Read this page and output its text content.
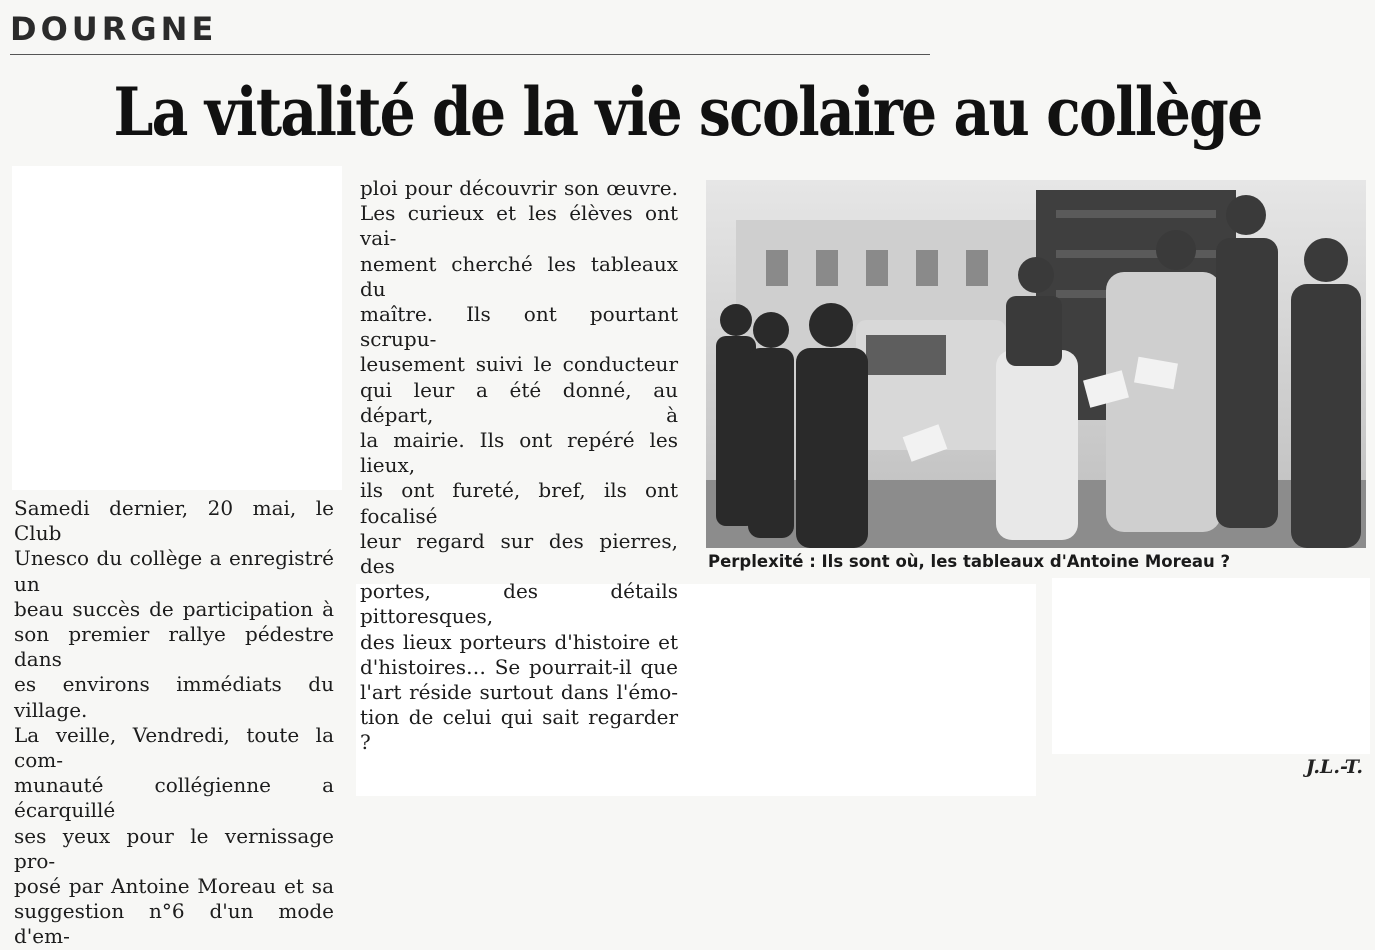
DOURGNE
La vitalité de la vie scolaire au collège

Samedi dernier, 20 mai, le Club

Unesco du collège a enregistré un

beau succès de participation à

son premier rallye pédestre dans

es environs immédiats du village.

La veille, Vendredi, toute la com-

munauté collégienne a écarquillé

ses yeux pour le vernissage pro-

posé par Antoine Moreau et sa

suggestion n°6 d'un mode d'em-

ploi pour découvrir son œuvre.

Les curieux et les élèves ont vai-

nement cherché les tableaux du

maître. Ils ont pourtant scrupu-

leusement suivi le conducteur

qui leur a été donné, au départ, à

la mairie. Ils ont repéré les lieux,

ils ont fureté, bref, ils ont focalisé

leur regard sur des pierres, des

portes, des détails pittoresques,

des lieux porteurs d'histoire et

d'histoires… Se pourrait-il que

l'art réside surtout dans l'émo-

tion de celui qui sait regarder ?

Perplexité : Ils sont où, les tableaux d'Antoine Moreau ?
J.L.-T.
